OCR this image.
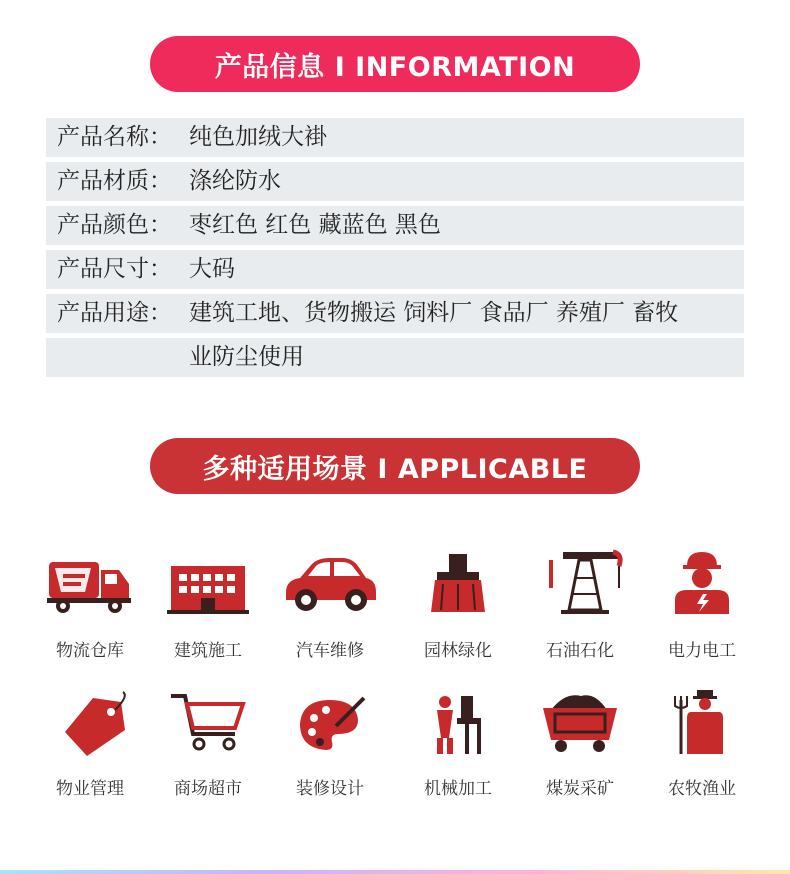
产品信息 I INFORMATION
产品名称： 纯色加绒大褂
产品材质： 涤纶防水
产品颜色： 枣红色 红色 藏蓝色 黑色
产品尺寸： 大码
产品用途： 建筑工地、货物搬运 饲料厂 食品厂 养殖厂 畜牧
业防尘使用
多种适用场景 I APPLICABLE
物流仓库	建筑施工	汽车维修	园林绿化	石油石化	电力电工
物业管理	商场超市	装修设计	机械加工	煤炭采矿	农牧渔业
